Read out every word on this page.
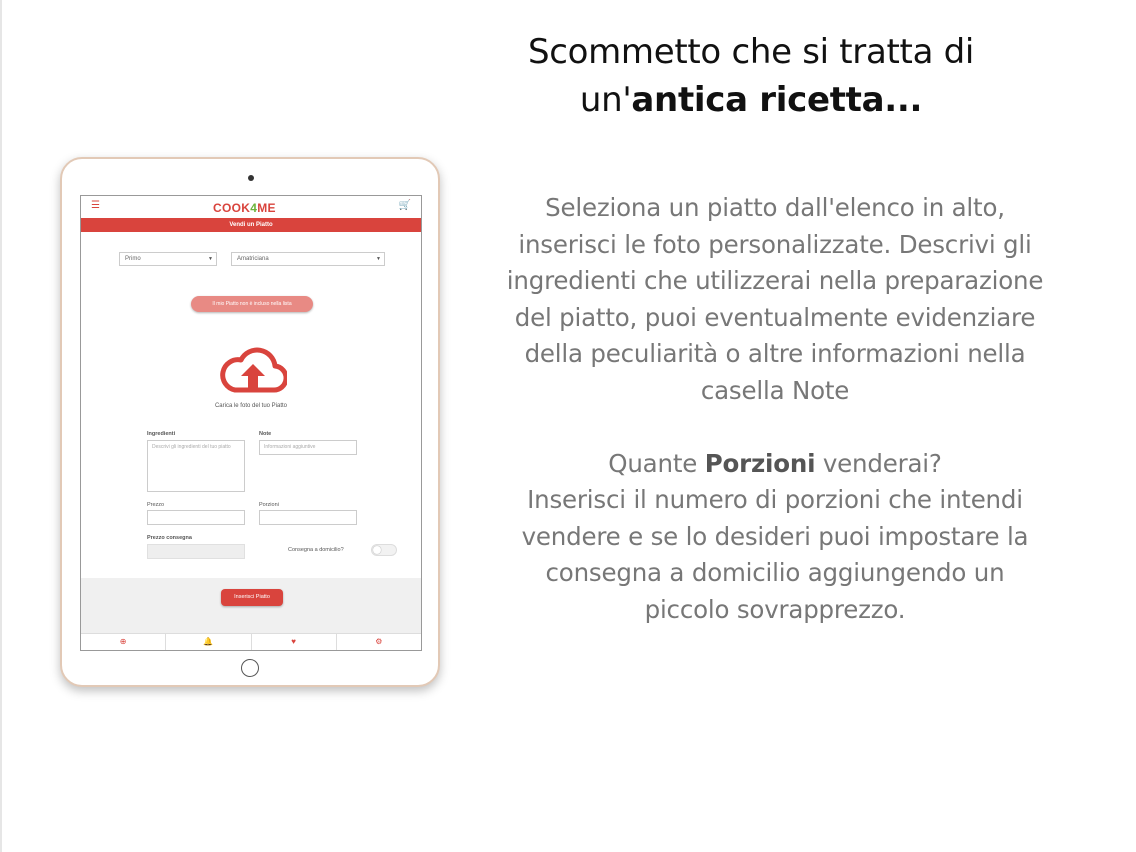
Scommetto che si tratta di un'antica ricetta...
Seleziona un piatto dall'elenco in alto, inserisci le foto personalizzate. Descrivi gli ingredienti che utilizzerai nella preparazione del piatto, puoi eventualmente evidenziare della peculiarità o altre informazioni nella casella Note
Quante Porzioni venderai?
Inserisci il numero di porzioni che intendi vendere e se lo desideri puoi impostare la consegna a domicilio aggiungendo un piccolo sovrapprezzo.
☰	COOK4ME	🛒
Vendi un Piatto
Primo	▼	Amatriciana	▼
Il mio Piatto non è incluso nella lista
Carica le foto del tuo Piatto
Ingredienti
Descrivi gli ingredienti del tuo piatto
Note
Informazioni aggiuntive
Prezzo	Porzioni
Prezzo consegna
Consegna a domicilio?
Inserisci Piatto
⊕	🔔	♥	⚙
